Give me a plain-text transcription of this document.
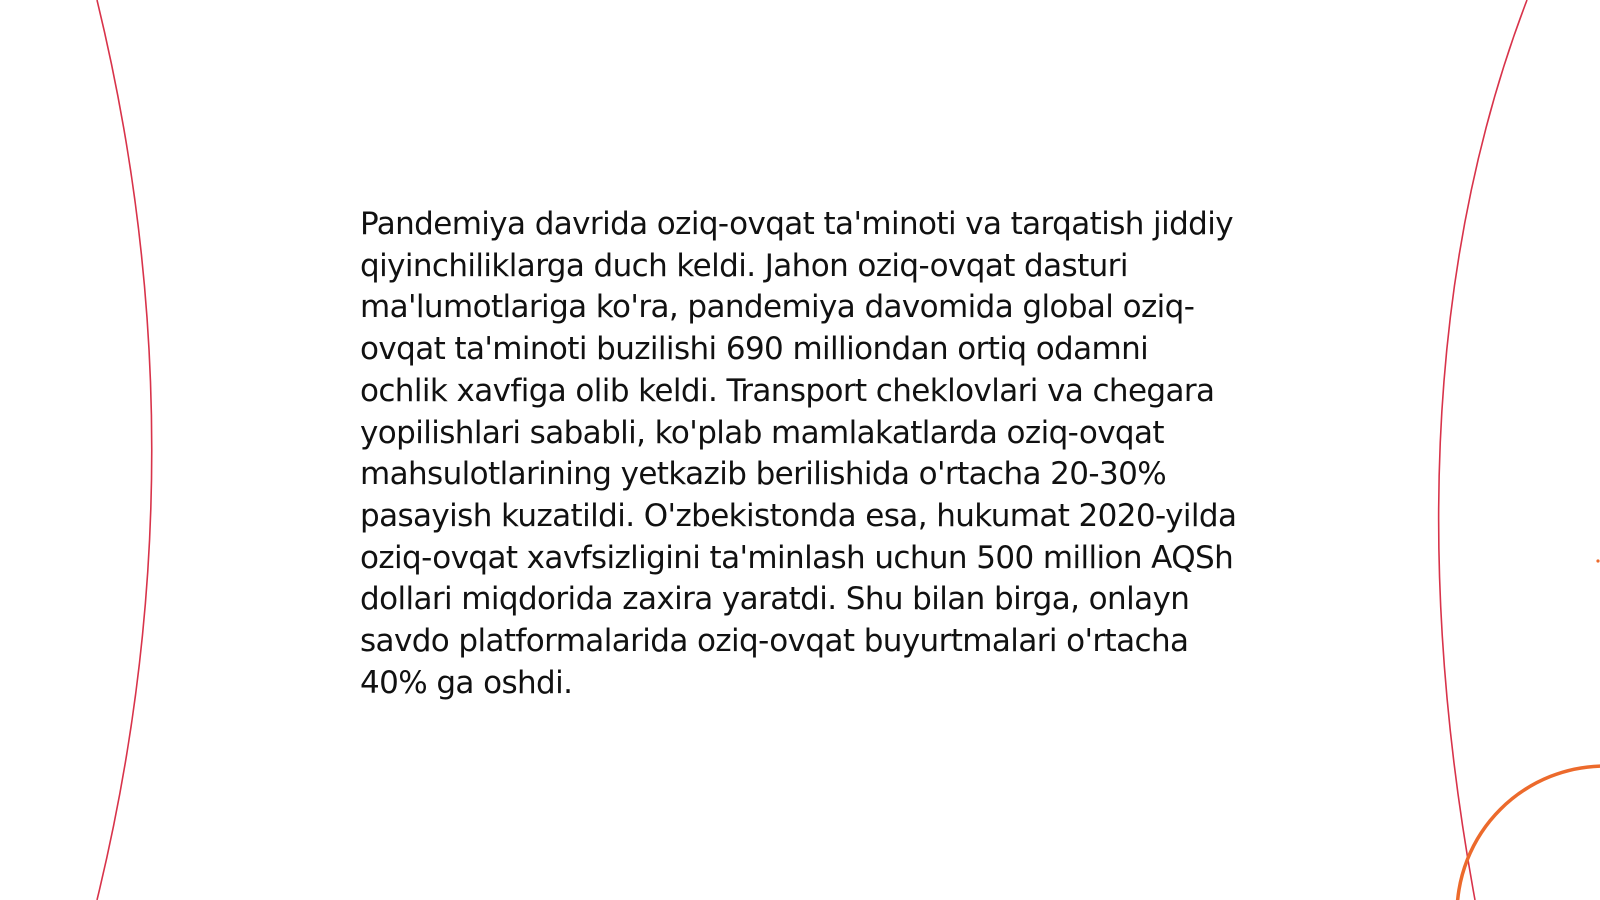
Pandemiya davrida oziq-ovqat ta'minoti va tarqatish jiddiy qiyinchiliklarga duch keldi. Jahon oziq-ovqat dasturi ma'lumotlariga ko'ra, pandemiya davomida global oziq-ovqat ta'minoti buzilishi 690 milliondan ortiq odamni ochlik xavfiga olib keldi. Transport cheklovlari va chegara yopilishlari sababli, ko'plab mamlakatlarda oziq-ovqat mahsulotlarining yetkazib berilishida o'rtacha 20-30% pasayish kuzatildi. O'zbekistonda esa, hukumat 2020-yilda oziq-ovqat xavfsizligini ta'minlash uchun 500 million AQSh dollari miqdorida zaxira yaratdi. Shu bilan birga, onlayn savdo platformalarida oziq-ovqat buyurtmalari o'rtacha 40% ga oshdi.
